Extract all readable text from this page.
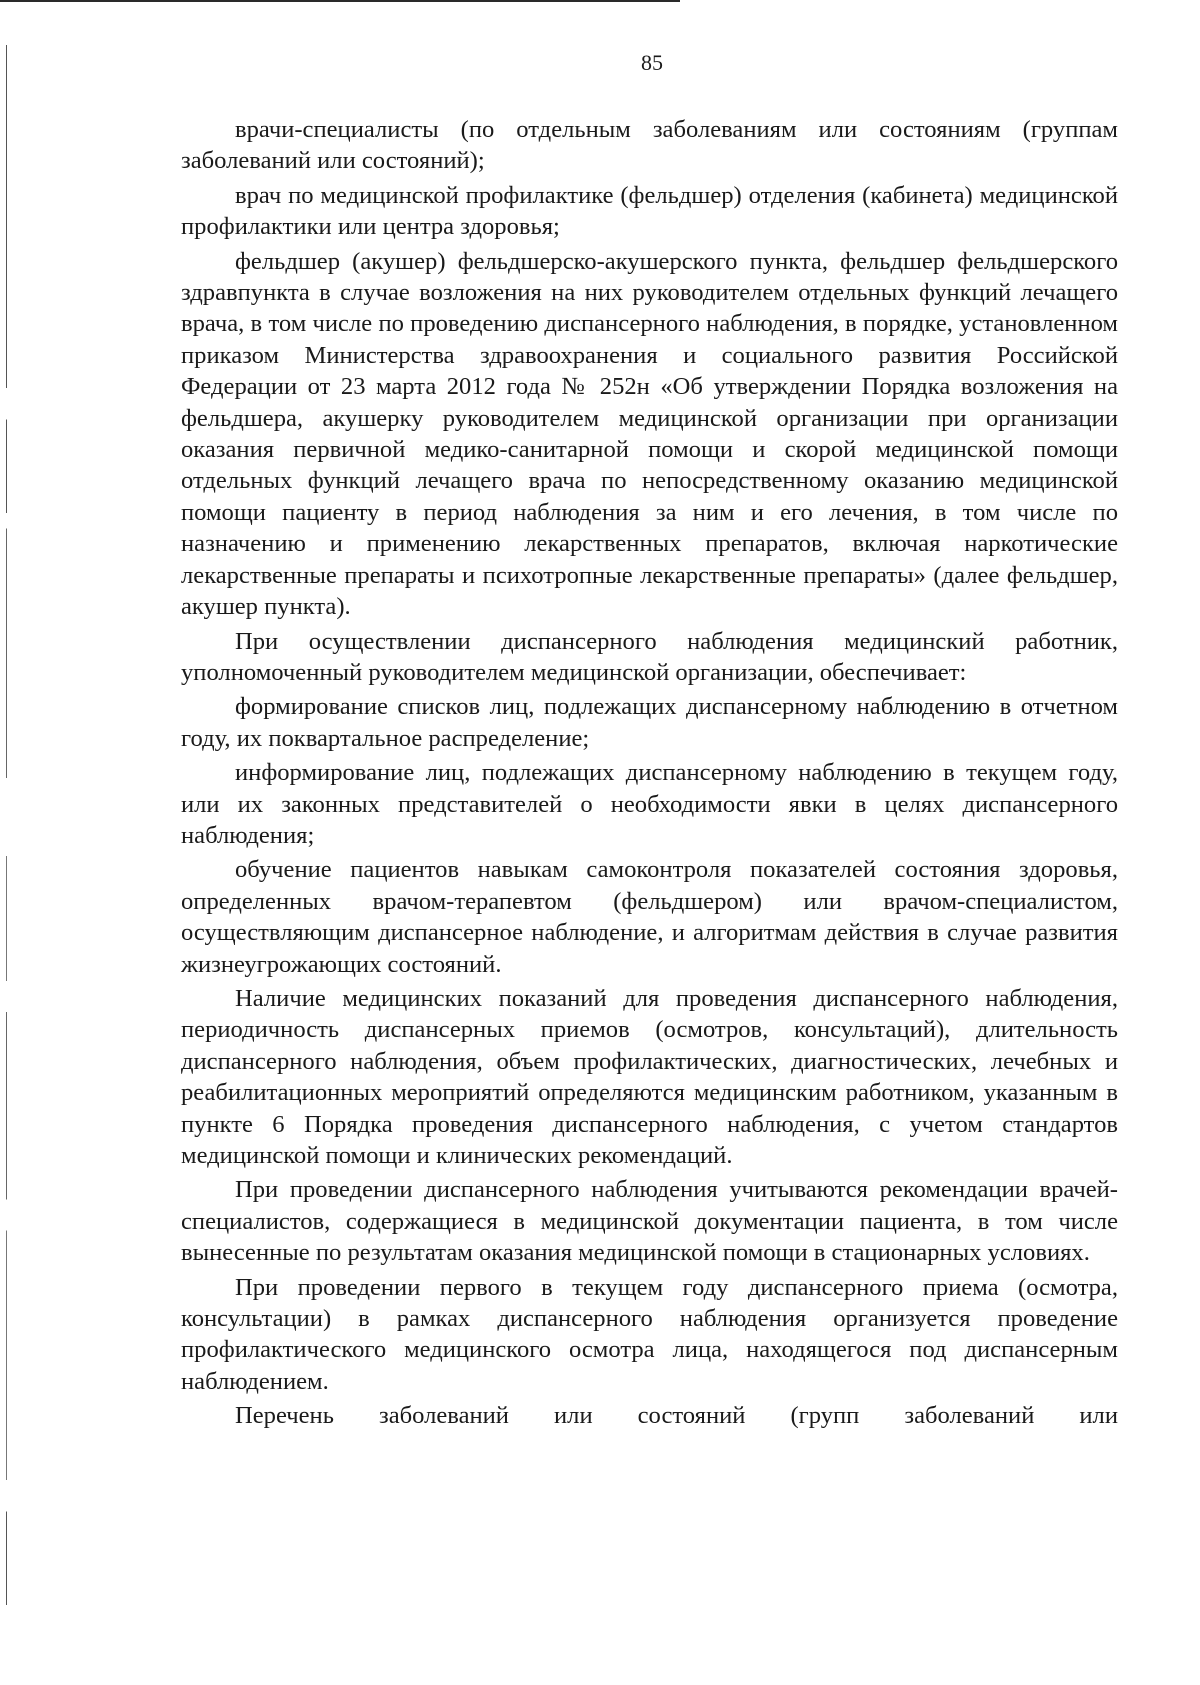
85

врачи-специалисты (по отдельным заболеваниям или состояниям (группам заболеваний или состояний);

врач по медицинской профилактике (фельдшер) отделения (кабинета) медицинской профилактики или центра здоровья;

фельдшер (акушер) фельдшерско-акушерского пункта, фельдшер фельдшерского здравпункта в случае возложения на них руководителем отдельных функций лечащего врача, в том числе по проведению диспансерного наблюдения, в порядке, установленном приказом Министерства здравоохранения и социального развития Российской Федерации от 23 марта 2012 года № 252н «Об утверждении Порядка возложения на фельдшера, акушерку руководителем медицинской организации при организации оказания первичной медико-санитарной помощи и скорой медицинской помощи отдельных функций лечащего врача по непосредственному оказанию медицинской помощи пациенту в период наблюдения за ним и его лечения, в том числе по назначению и применению лекарственных препаратов, включая наркотические лекарственные препараты и психотропные лекарственные препараты» (далее фельдшер, акушер пункта).

При осуществлении диспансерного наблюдения медицинский работник, уполномоченный руководителем медицинской организации, обеспечивает:

формирование списков лиц, подлежащих диспансерному наблюдению в отчетном году, их поквартальное распределение;

информирование лиц, подлежащих диспансерному наблюдению в текущем году, или их законных представителей о необходимости явки в целях диспансерного наблюдения;

обучение пациентов навыкам самоконтроля показателей состояния здоровья, определенных врачом-терапевтом (фельдшером) или врачом-специалистом, осуществляющим диспансерное наблюдение, и алгоритмам действия в случае развития жизнеугрожающих состояний.

Наличие медицинских показаний для проведения диспансерного наблюдения, периодичность диспансерных приемов (осмотров, консультаций), длительность диспансерного наблюдения, объем профилактических, диагностических, лечебных и реабилитационных мероприятий определяются медицинским работником, указанным в пункте 6 Порядка проведения диспансерного наблюдения, с учетом стандартов медицинской помощи и клинических рекомендаций.

При проведении диспансерного наблюдения учитываются рекомендации врачей-специалистов, содержащиеся в медицинской документации пациента, в том числе вынесенные по результатам оказания медицинской помощи в стационарных условиях.

При проведении первого в текущем году диспансерного приема (осмотра, консультации) в рамках диспансерного наблюдения организуется проведение профилактического медицинского осмотра лица, находящегося под диспансерным наблюдением.

Перечень заболеваний или состояний (групп заболеваний или
